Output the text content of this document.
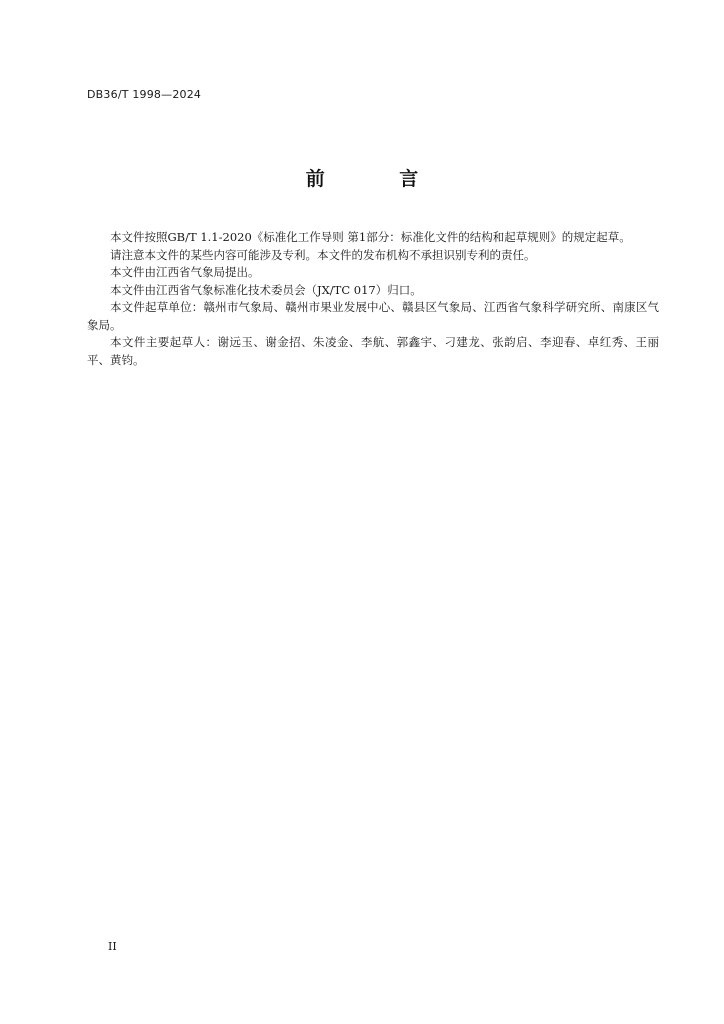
DB36/T 1998—2024
前 言

本文件按照GB/T 1.1-2020《标准化工作导则 第1部分：标准化文件的结构和起草规则》的规定起草。

请注意本文件的某些内容可能涉及专利。本文件的发布机构不承担识别专利的责任。

本文件由江西省气象局提出。

本文件由江西省气象标准化技术委员会（JX/TC 017）归口。

本文件起草单位：赣州市气象局、赣州市果业发展中心、赣县区气象局、江西省气象科学研究所、南康区气象局。

本文件主要起草人：谢远玉、谢金招、朱凌金、李航、郭鑫宇、刁建龙、张韵启、李迎春、卓红秀、王丽平、黄钧。

II
